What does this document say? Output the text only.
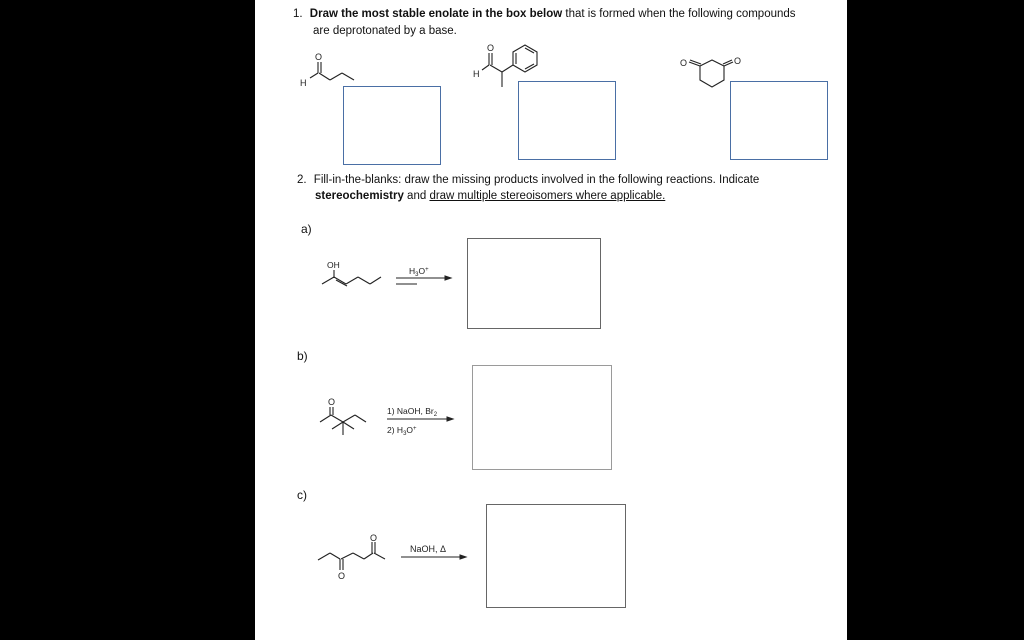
1. Draw the most stable enolate in the box below that is formed when the following compounds
are deprotonated by a base.
O
H
O
H
O	O
2. Fill-in-the-blanks: draw the missing products involved in the following reactions. Indicate
stereochemistry and draw multiple stereoisomers where applicable.
a)
OH
$H_3O^+$
b)
O
1) NaOH, $Br_2$
2) $H_3O^+$
c)
O
O
NaOH, Δ
